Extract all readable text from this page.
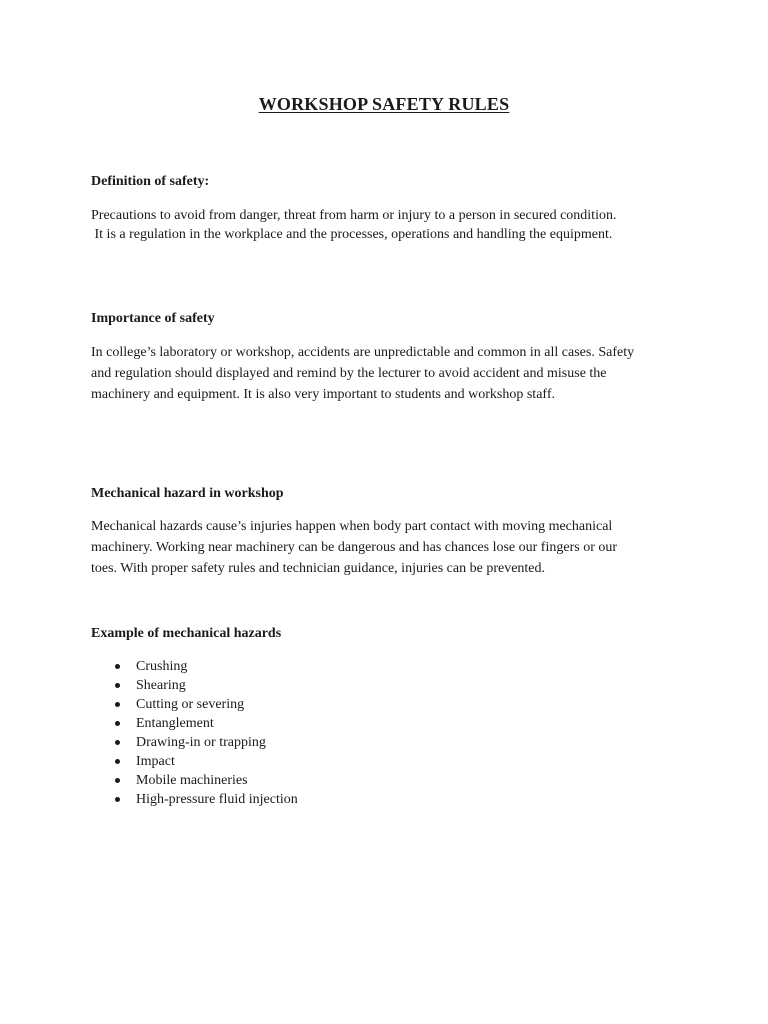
WORKSHOP SAFETY RULES

Definition of safety:

Precautions to avoid from danger, threat from harm or injury to a person in secured condition.
It is a regulation in the workplace and the processes, operations and handling the equipment.

Importance of safety

In college’s laboratory or workshop, accidents are unpredictable and common in all cases. Safety
and regulation should displayed and remind by the lecturer to avoid accident and misuse the
machinery and equipment. It is also very important to students and workshop staff.

Mechanical hazard in workshop

Mechanical hazards cause’s injuries happen when body part contact with moving mechanical
machinery. Working near machinery can be dangerous and has chances lose our fingers or our
toes. With proper safety rules and technician guidance, injuries can be prevented.

Example of mechanical hazards

Crushing
Shearing
Cutting or severing
Entanglement
Drawing-in or trapping
Impact
Mobile machineries
High-pressure fluid injection
